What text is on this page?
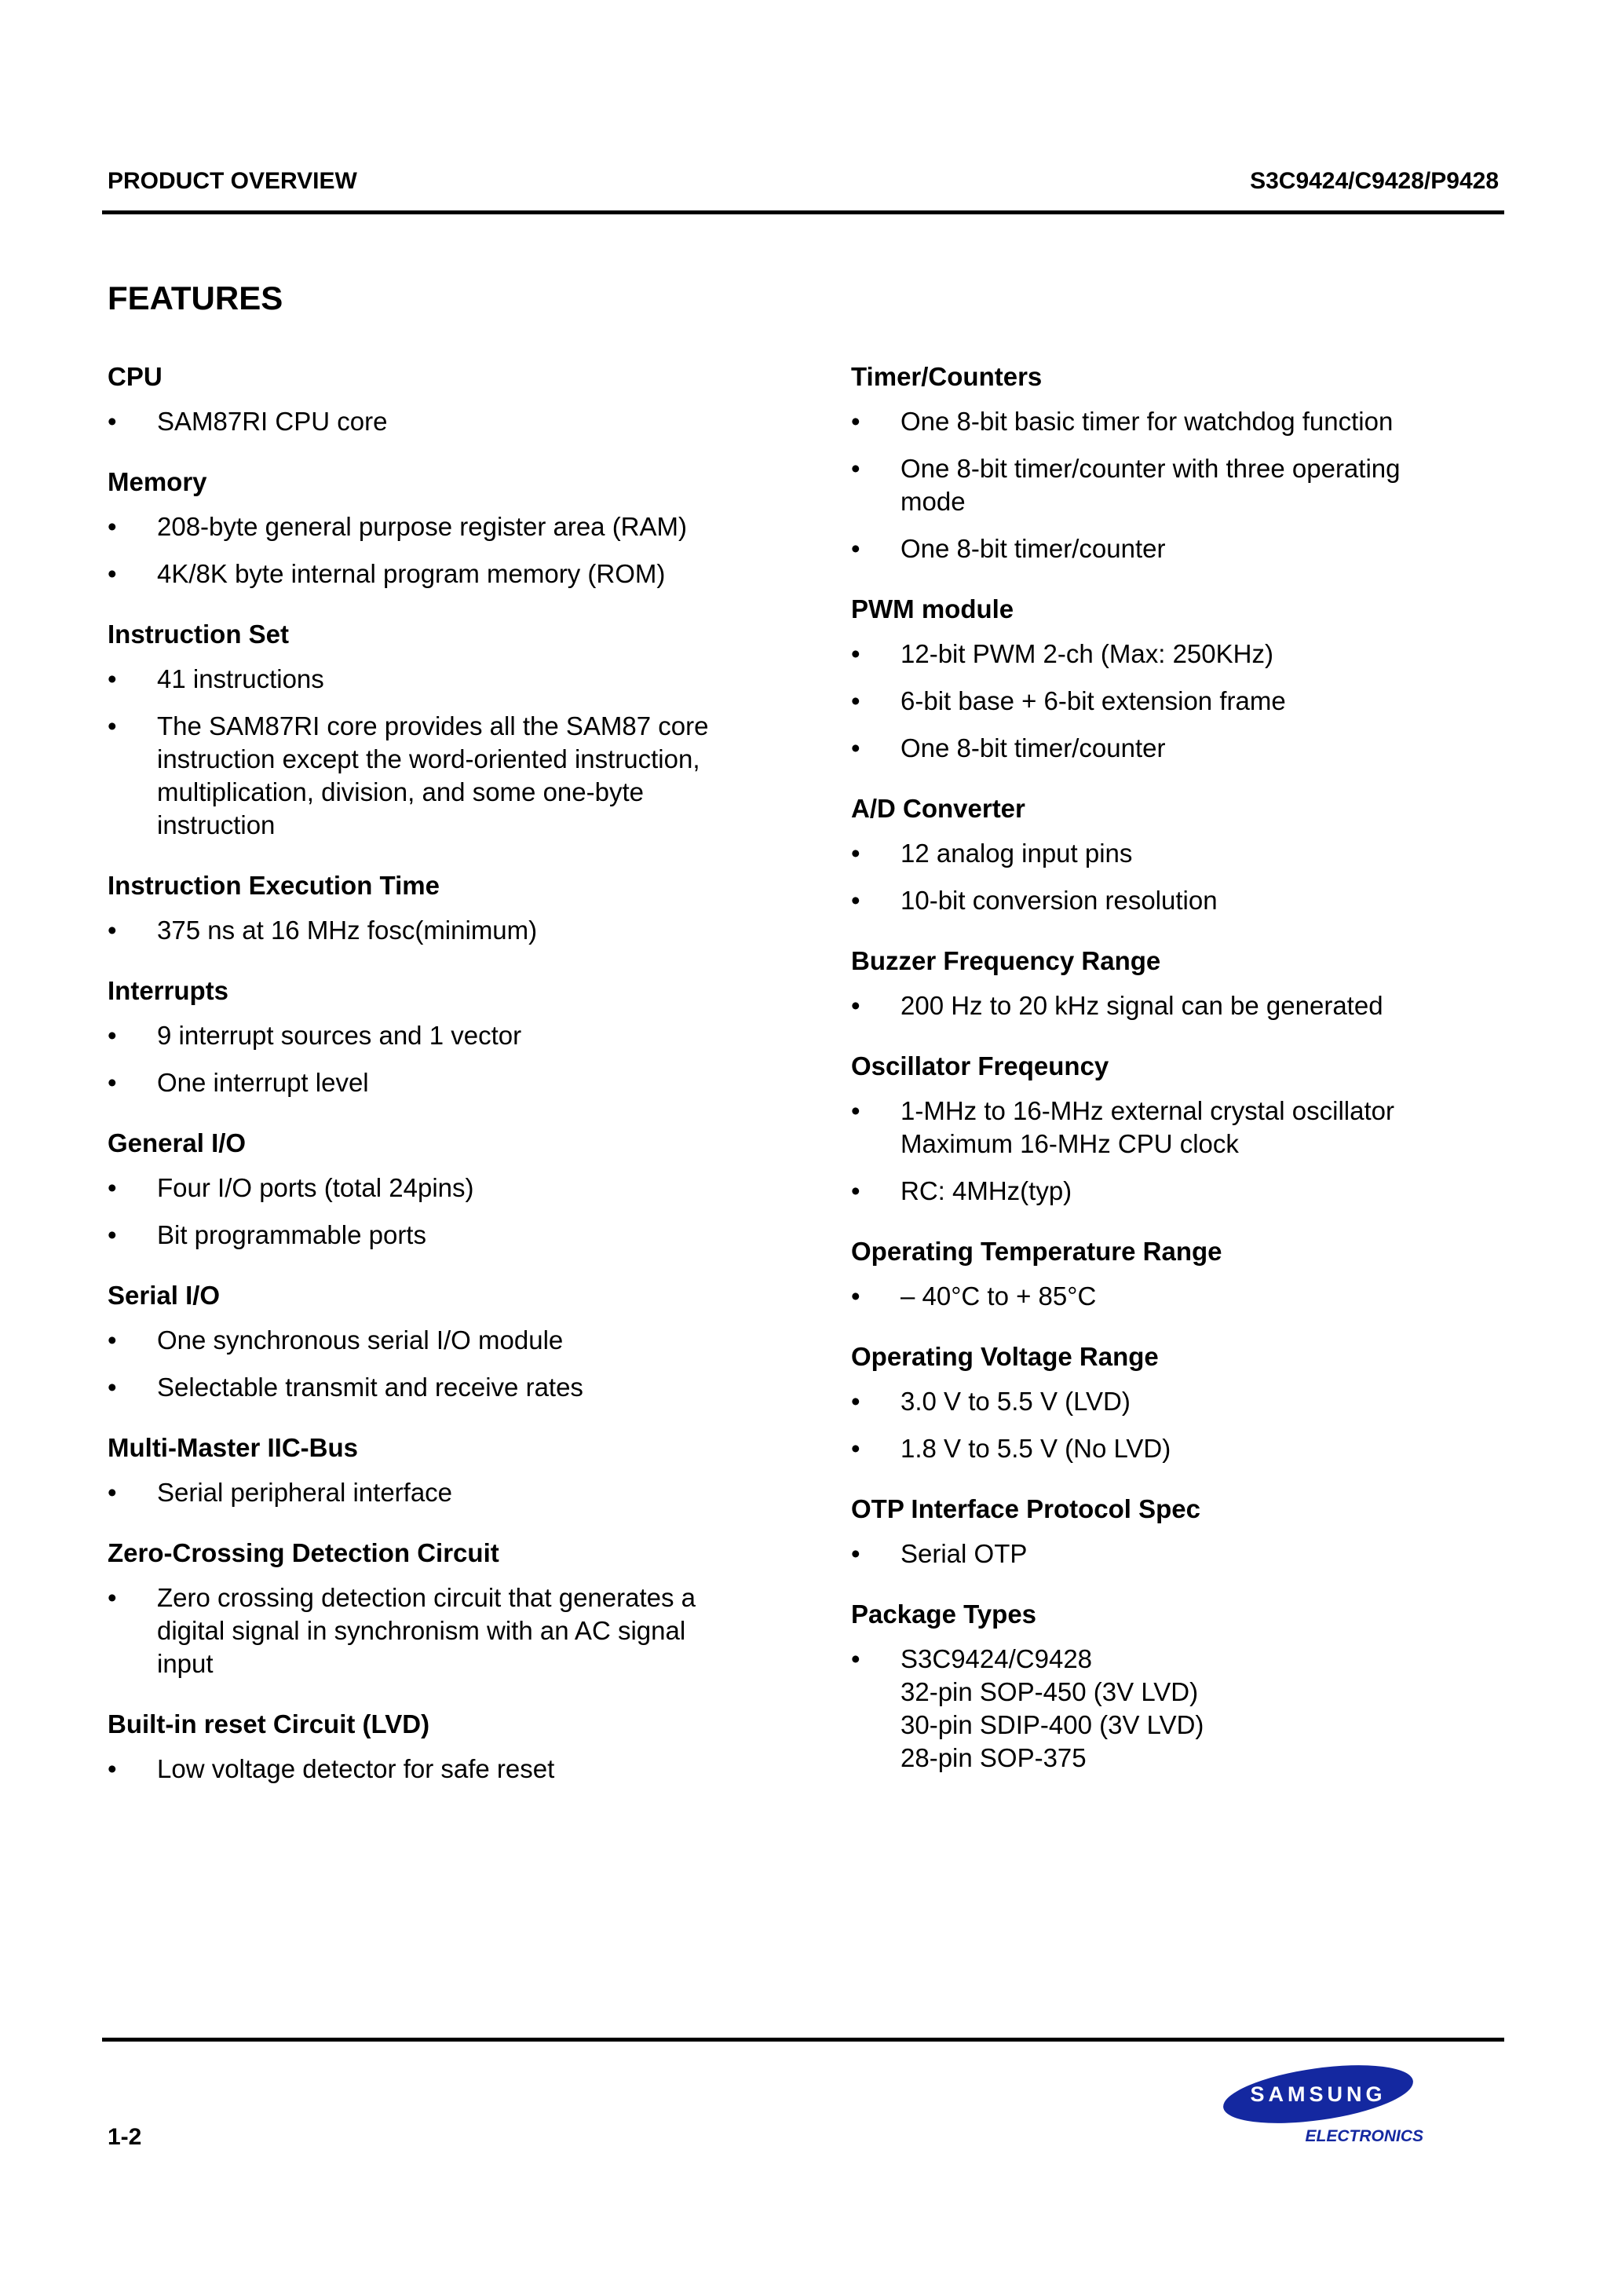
PRODUCT OVERVIEW	S3C9424/C9428/P9428
FEATURES
CPU
• SAM87RI CPU core
Memory
• 208-byte general purpose register area (RAM)
• 4K/8K byte internal program memory (ROM)
Instruction Set
• 41 instructions
• The SAM87RI core provides all the SAM87 core
instruction except the word-oriented instruction,
multiplication, division, and some one-byte
instruction
Instruction Execution Time
• 375 ns at 16 MHz fosc(minimum)
Interrupts
• 9 interrupt sources and 1 vector
• One interrupt level
General I/O
• Four I/O ports (total 24pins)
• Bit programmable ports
Serial I/O
• One synchronous serial I/O module
• Selectable transmit and receive rates
Multi-Master IIC-Bus
• Serial peripheral interface
Zero-Crossing Detection Circuit
• Zero crossing detection circuit that generates a
digital signal in synchronism with an AC signal
input
Built-in reset Circuit (LVD)
• Low voltage detector for safe reset
Timer/Counters
• One 8-bit basic timer for watchdog function
• One 8-bit timer/counter with three operating
mode
• One 8-bit timer/counter
PWM module
• 12-bit PWM 2-ch (Max: 250KHz)
• 6-bit base + 6-bit extension frame
• One 8-bit timer/counter
A/D Converter
• 12 analog input pins
• 10-bit conversion resolution
Buzzer Frequency Range
• 200 Hz to 20 kHz signal can be generated
Oscillator Freqeuncy
• 1-MHz to 16-MHz external crystal oscillator
Maximum 16-MHz CPU clock
• RC: 4MHz(typ)
Operating Temperature Range
• – 40°C to + 85°C
Operating Voltage Range
• 3.0 V to 5.5 V (LVD)
• 1.8 V to 5.5 V (No LVD)
OTP Interface Protocol Spec
• Serial OTP
Package Types
• S3C9424/C9428
32-pin SOP-450 (3V LVD)
30-pin SDIP-400 (3V LVD)
28-pin SOP-375
1-2
SAMSUNG
ELECTRONICS
